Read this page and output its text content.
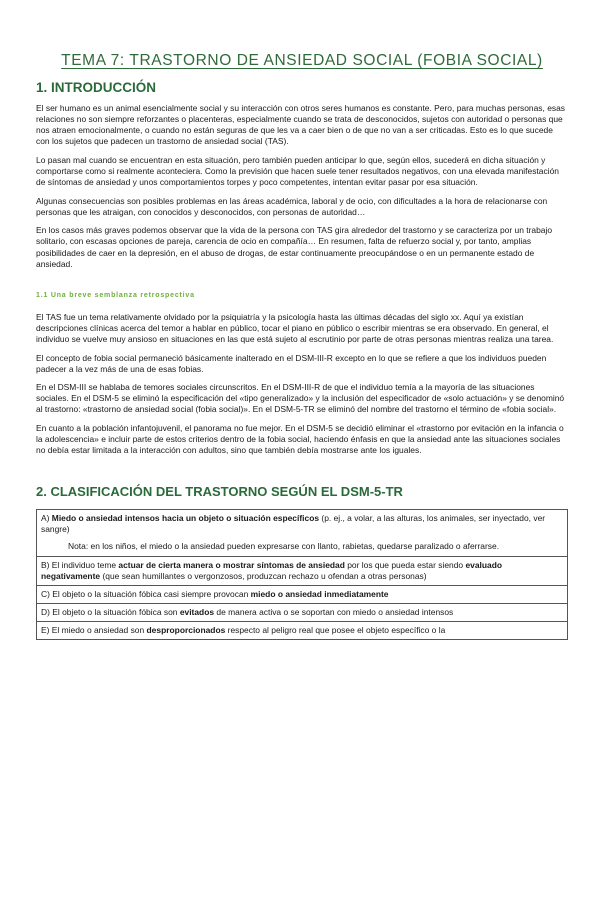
TEMA 7: TRASTORNO DE ANSIEDAD SOCIAL (FOBIA SOCIAL)
1. INTRODUCCIÓN

El ser humano es un animal esencialmente social y su interacción con otros seres humanos es constante. Pero, para muchas personas, esas relaciones no son siempre reforzantes o placenteras, especialmente cuando se trata de desconocidos, sujetos con autoridad o personas que nos atraen emocionalmente, o cuando no están seguras de que les va a caer bien o de que no van a ser criticadas. Esto es lo que sucede con los sujetos que padecen un trastorno de ansiedad social (TAS).

Lo pasan mal cuando se encuentran en esta situación, pero también pueden anticipar lo que, según ellos, sucederá en dicha situación y comportarse como si realmente aconteciera. Como la previsión que hacen suele tener resultados negativos, con una elevada manifestación de síntomas de ansiedad y unos comportamientos torpes y poco competentes, intentan evitar pasar por esa situación.

Algunas consecuencias son posibles problemas en las áreas académica, laboral y de ocio, con dificultades a la hora de relacionarse con personas que les atraigan, con conocidos y desconocidos, con personas de autoridad…

En los casos más graves podemos observar que la vida de la persona con TAS gira alrededor del trastorno y se caracteriza por un trabajo solitario, con escasas opciones de pareja, carencia de ocio en compañía… En resumen, falta de refuerzo social y, por tanto, amplias posibilidades de caer en la depresión, en el abuso de drogas, de estar continuamente preocupándose o en un permanente estado de ansiedad.

1.1 Una breve semblanza retrospectiva

El TAS fue un tema relativamente olvidado por la psiquiatría y la psicología hasta las últimas décadas del siglo xx. Aquí ya existían descripciones clínicas acerca del temor a hablar en público, tocar el piano en público o escribir mientras se era observado. En general, el individuo se vuelve muy ansioso en situaciones en las que está sujeto al escrutinio por parte de otras personas mientras realiza una tarea.

El concepto de fobia social permaneció básicamente inalterado en el DSM-III-R excepto en lo que se refiere a que los individuos pueden padecer a la vez más de una de esas fobias.

En el DSM-III se hablaba de temores sociales circunscritos. En el DSM-III-R de que el individuo temía a la mayoría de las situaciones sociales. En el DSM-5 se eliminó la especificación del «tipo generalizado» y la inclusión del especificador de «solo actuación» y se denominó al trastorno: «trastorno de ansiedad social (fobia social)». En el DSM-5-TR se eliminó del nombre del trastorno el término de «fobia social».

En cuanto a la población infantojuvenil, el panorama no fue mejor. En el DSM-5 se decidió eliminar el «trastorno por evitación en la infancia o la adolescencia» e incluir parte de estos criterios dentro de la fobia social, haciendo énfasis en que la ansiedad ante las situaciones sociales no debía estar limitada a la interacción con adultos, sino que también debía mostrarse ante los iguales.

2. CLASIFICACIÓN DEL TRASTORNO SEGÚN EL DSM-5-TR
A) Miedo o ansiedad intensos hacia un objeto o situación específicos (p. ej., a volar, a las alturas, los animales, ser inyectado, ver sangre)
Nota: en los niños, el miedo o la ansiedad pueden expresarse con llanto, rabietas, quedarse paralizado o aferrarse.

B) El individuo teme actuar de cierta manera o mostrar síntomas de ansiedad por los que pueda estar siendo evaluado negativamente (que sean humillantes o vergonzosos, produzcan rechazo u ofendan a otras personas)
C) El objeto o la situación fóbica casi siempre provocan miedo o ansiedad inmediatamente
D) El objeto o la situación fóbica son evitados de manera activa o se soportan con miedo o ansiedad intensos
E) El miedo o ansiedad son desproporcionados respecto al peligro real que posee el objeto específico o la
